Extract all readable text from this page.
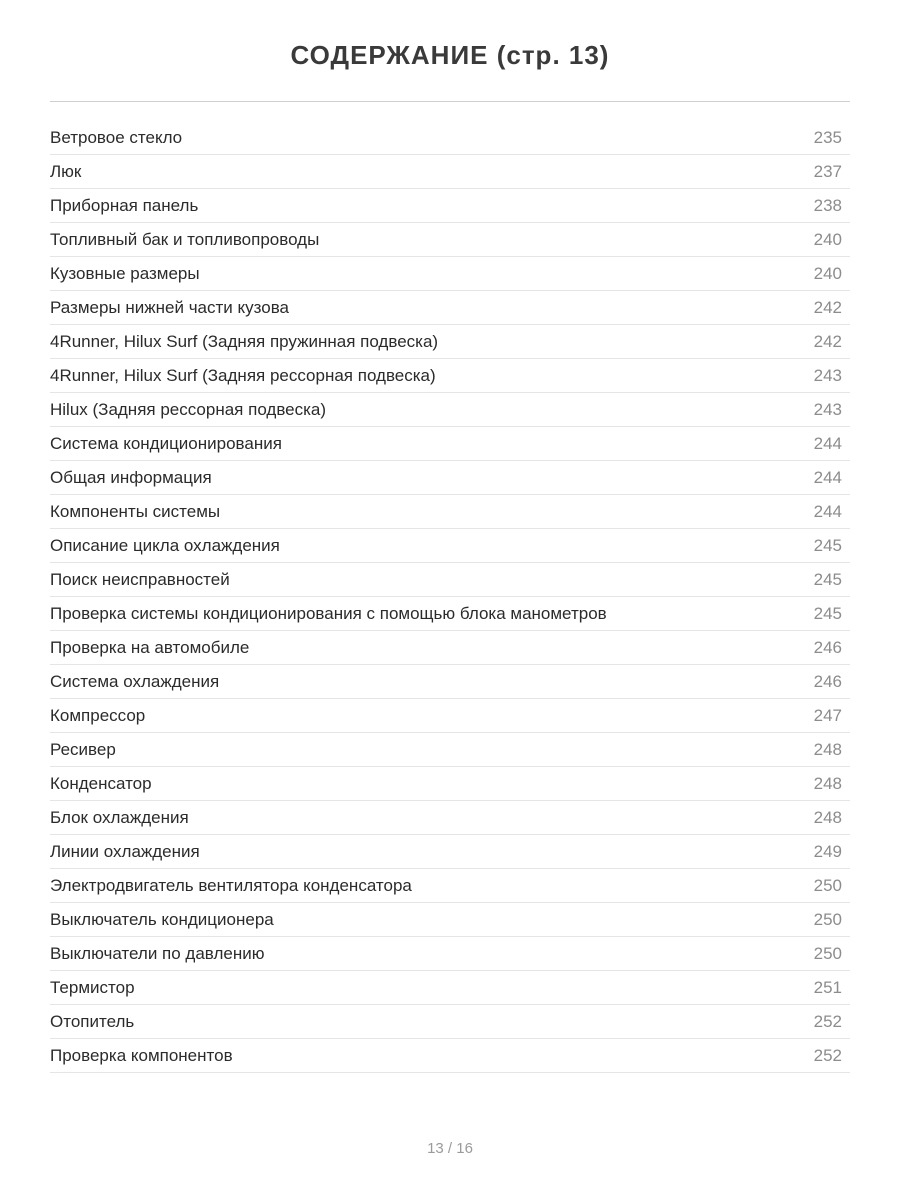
СОДЕРЖАНИЕ (стр. 13)
Ветровое стекло	235
Люк	237
Приборная панель	238
Топливный бак и топливопроводы	240
Кузовные размеры	240
Размеры нижней части кузова	242
4Runner, Hilux Surf (Задняя пружинная подвеска)	242
4Runner, Hilux Surf (Задняя рессорная подвеска)	243
Hilux (Задняя рессорная подвеска)	243
Система кондиционирования	244
Общая информация	244
Компоненты системы	244
Описание цикла охлаждения	245
Поиск неисправностей	245
Проверка системы кондиционирования с помощью блока манометров	245
Проверка на автомобиле	246
Система охлаждения	246
Компрессор	247
Ресивер	248
Конденсатор	248
Блок охлаждения	248
Линии охлаждения	249
Электродвигатель вентилятора конденсатора	250
Выключатель кондиционера	250
Выключатели по давлению	250
Термистор	251
Отопитель	252
Проверка компонентов	252
13 / 16
